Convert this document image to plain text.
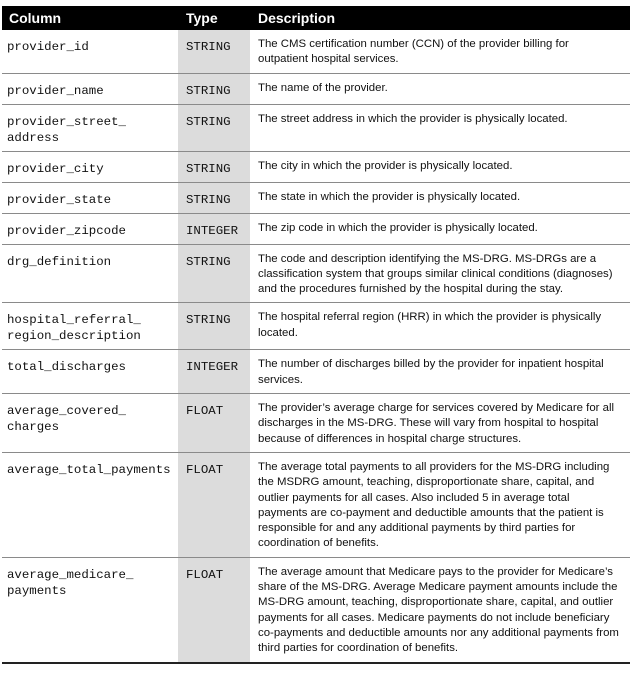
Column	Type	Description
provider_id	STRING	The CMS certification number (CCN) of the provider billing for outpatient hospital services.
provider_name	STRING	The name of the provider.
provider_street_ address	STRING	The street address in which the provider is physically located.
provider_city	STRING	The city in which the provider is physically located.
provider_state	STRING	The state in which the provider is physically located.
provider_zipcode	INTEGER	The zip code in which the provider is physically located.
drg_definition	STRING	The code and description identifying the MS-DRG. MS-DRGs are a classification system that groups similar clinical conditions (diagnoses) and the procedures furnished by the hospital during the stay.
hospital_referral_ region_description	STRING	The hospital referral region (HRR) in which the provider is physically located.
total_discharges	INTEGER	The number of discharges billed by the provider for inpatient hospital services.
average_covered_ charges	FLOAT	The provider’s average charge for services covered by Medicare for all discharges in the MS-DRG. These will vary from hospital to hospital because of differences in hospital charge structures.
average_total_payments	FLOAT	The average total payments to all providers for the MS-DRG including the MSDRG amount, teaching, disproportionate share, capital, and outlier payments for all cases. Also included 5 in average total payments are co-payment and deductible amounts that the patient is responsible for and any additional payments by third parties for coordination of benefits.
average_medicare_ payments	FLOAT	The average amount that Medicare pays to the provider for Medicare’s share of the MS-DRG. Average Medicare payment amounts include the MS-DRG amount, teaching, disproportionate share, capital, and outlier payments for all cases. Medicare payments do not include beneficiary co-payments and deductible amounts nor any additional payments from third parties for coordination of benefits.
